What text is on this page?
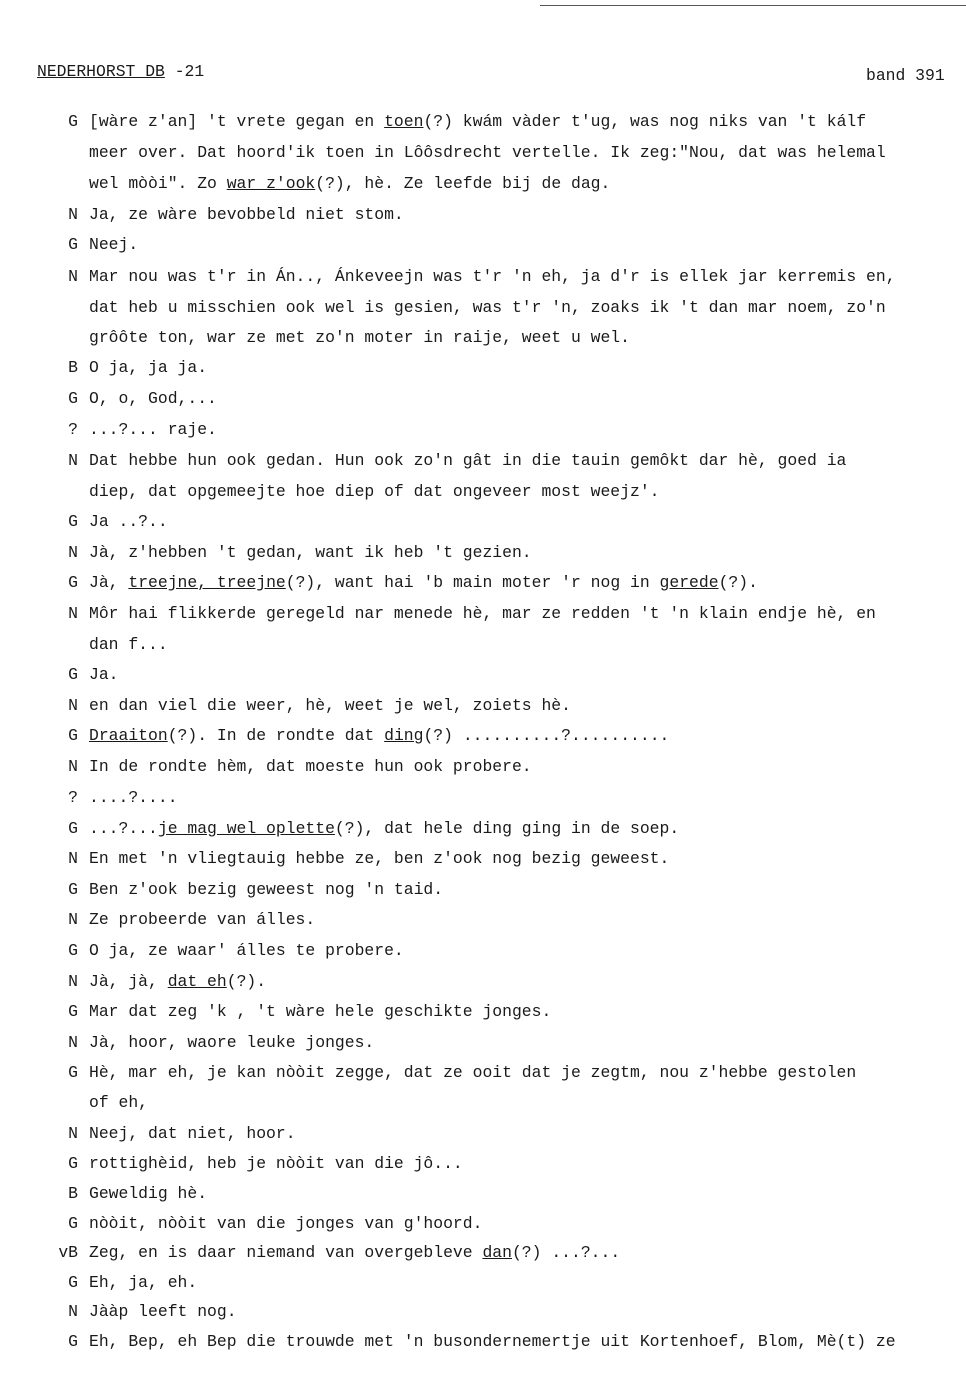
NEDERHORST DB -21	band 391
G [wàre z'an] 't vrete gegan en toen(?) kwám vàder t'ug, was nog niks van 't kálf
meer over. Dat hoord'ik toen in Lôôsdrecht vertelle. Ik zeg:"Nou, dat was helemal
wel mòòi". Zo war z'ook(?), hè. Ze leefde bij de dag.
N Ja, ze wàre bevobbeld niet stom.
G Neej.
N Mar nou was t'r in Án.., Ánkeveejn was t'r 'n eh, ja d'r is ellek jar kerremis en,
dat heb u misschien ook wel is gesien, was t'r 'n, zoaks ik 't dan mar noem, zo'n
grôôte ton, war ze met zo'n moter in raije, weet u wel.
B O ja, ja ja.
G O, o, God,...
? ...?... raje.
N Dat hebbe hun ook gedan. Hun ook zo'n gât in die tauin gemôkt dar hè, goed ia
diep, dat opgemeejte hoe diep of dat ongeveer most weejz'.
G Ja ..?..
N Jà, z'hebben 't gedan, want ik heb 't gezien.
G Jà, treejne, treejne(?), want hai 'b main moter 'r nog in gerede(?).
N Môr hai flikkerde geregeld nar menede hè, mar ze redden 't 'n klain endje hè, en
dan f...
G Ja.
N en dan viel die weer, hè, weet je wel, zoiets hè.
G Draaiton(?). In de rondte dat ding(?) ..........?..........
N In de rondte hèm, dat moeste hun ook probere.
? ....?....
G ...?...je mag wel oplette(?), dat hele ding ging in de soep.
N En met 'n vliegtauig hebbe ze, ben z'ook nog bezig geweest.
G Ben z'ook bezig geweest nog 'n taid.
N Ze probeerde van álles.
G O ja, ze waar' álles te probere.
N Jà, jà, dat eh(?).
G Mar dat zeg 'k , 't wàre hele geschikte jonges.
N Jà, hoor, waore leuke jonges.
G Hè, mar eh, je kan nòòit zegge, dat ze ooit dat je zegtm, nou z'hebbe gestolen
of eh,
N Neej, dat niet, hoor.
G rottighèid, heb je nòòit van die jô...
B Geweldig hè.
G nòòit, nòòit van die jonges van g'hoord.
vB Zeg, en is daar niemand van overgebleve dan(?) ...?...
G Eh, ja, eh.
N Jààp leeft nog.
G Eh, Bep, eh Bep die trouwde met 'n busondernemertje uit Kortenhoef, Blom, Mè(t) ze
